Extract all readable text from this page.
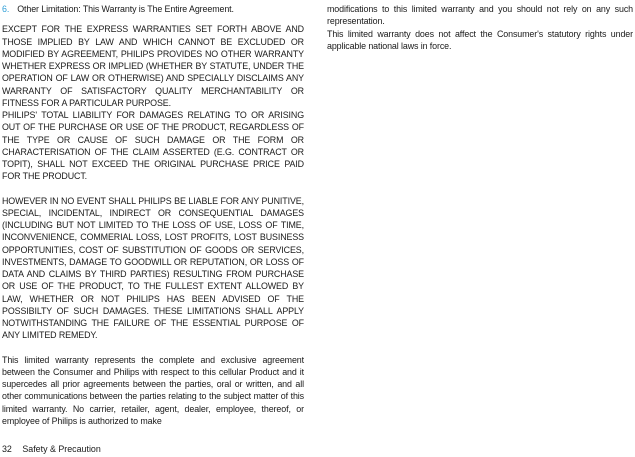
6. Other Limitation: This Warranty is The Entire Agreement.

EXCEPT FOR THE EXPRESS WARRANTIES SET FORTH ABOVE AND THOSE IMPLIED BY LAW AND WHICH CANNOT BE EXCLUDED OR MODIFIED BY AGREEMENT, PHILIPS PROVIDES NO OTHER WARRANTY WHETHER EXPRESS OR IMPLIED (WHETHER BY STATUTE, UNDER THE OPERATION OF LAW OR OTHERWISE) AND SPECIALLY DISCLAIMS ANY WARRANTY OF SATISFACTORY QUALITY MERCHANTABILITY OR FITNESS FOR A PARTICULAR PURPOSE.

PHILIPS' TOTAL LIABILITY FOR DAMAGES RELATING TO OR ARISING OUT OF THE PURCHASE OR USE OF THE PRODUCT, REGARDLESS OF THE TYPE OR CAUSE OF SUCH DAMAGE OR THE FORM OR CHARACTERISATION OF THE CLAIM ASSERTED (E.G. CONTRACT OR TOPIT), SHALL NOT EXCEED THE ORIGINAL PURCHASE PRICE PAID FOR THE PRODUCT.

HOWEVER IN NO EVENT SHALL PHILIPS BE LIABLE FOR ANY PUNITIVE, SPECIAL, INCIDENTAL, INDIRECT OR CONSEQUENTIAL DAMAGES (INCLUDING BUT NOT LIMITED TO THE LOSS OF USE, LOSS OF TIME, INCONVENIENCE, COMMERIAL LOSS, LOST PROFITS, LOST BUSINESS OPPORTUNITIES, COST OF SUBSTITUTION OF GOODS OR SERVICES, INVESTMENTS, DAMAGE TO GOODWILL OR REPUTATION, OR LOSS OF DATA AND CLAIMS BY THIRD PARTIES) RESULTING FROM PURCHASE OR USE OF THE PRODUCT, TO THE FULLEST EXTENT ALLOWED BY LAW, WHETHER OR NOT PHILIPS HAS BEEN ADVISED OF THE POSSIBILTY OF SUCH DAMAGES. THESE LIMITATIONS SHALL APPLY NOTWITHSTANDING THE FAILURE OF THE ESSENTIAL PURPOSE OF ANY LIMITED REMEDY.

This limited warranty represents the complete and exclusive agreement between the Consumer and Philips with respect to this cellular Product and it supercedes all prior agreements between the parties, oral or written, and all other communications between the parties relating to the subject matter of this limited warranty. No carrier, retailer, agent, dealer, employee, thereof, or employee of Philips is authorized to make

modifications to this limited warranty and you should not rely on any such representation.

This limited warranty does not affect the Consumer's statutory rights under applicable national laws in force.

32 Safety & Precaution
